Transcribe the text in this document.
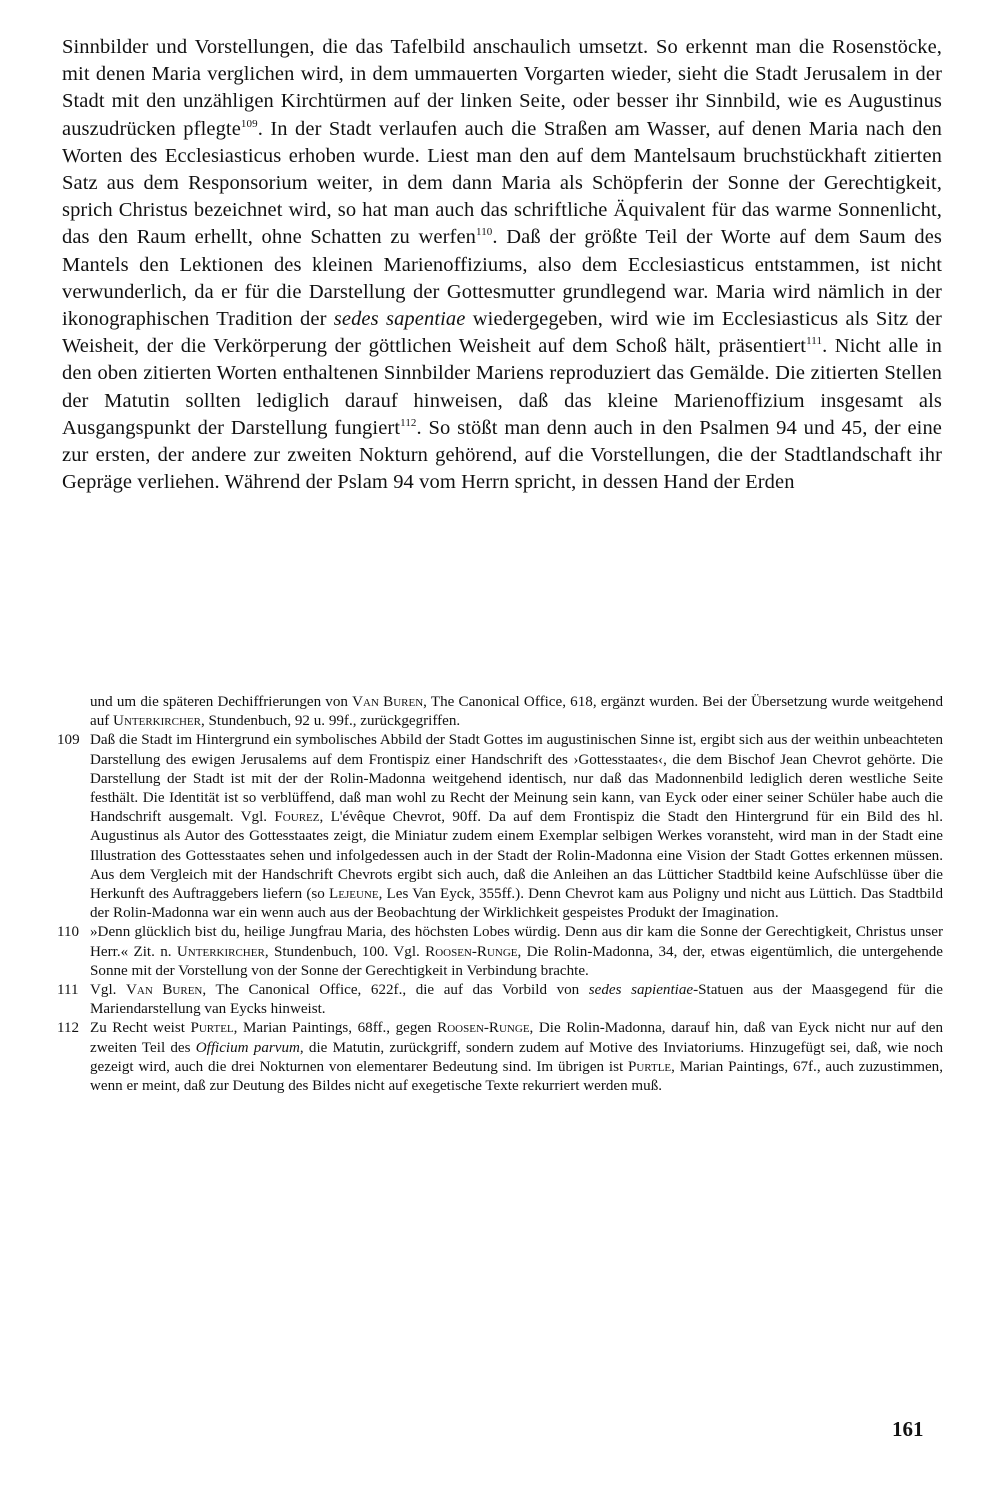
Sinnbilder und Vorstellungen, die das Tafelbild anschaulich umsetzt. So erkennt man die Rosenstöcke, mit denen Maria verglichen wird, in dem ummauerten Vorgarten wieder, sieht die Stadt Jerusalem in der Stadt mit den unzähligen Kirchtürmen auf der linken Seite, oder besser ihr Sinnbild, wie es Augustinus auszudrücken pflegte$^{109}$. In der Stadt verlaufen auch die Straßen am Wasser, auf denen Maria nach den Worten des Ecclesiasticus erhoben wurde. Liest man den auf dem Mantelsaum bruchstückhaft zitierten Satz aus dem Responsorium weiter, in dem dann Maria als Schöpferin der Sonne der Gerechtigkeit, sprich Christus bezeichnet wird, so hat man auch das schriftliche Äquivalent für das warme Sonnenlicht, das den Raum erhellt, ohne Schatten zu werfen$^{110}$. Daß der größte Teil der Worte auf dem Saum des Mantels den Lektionen des kleinen Marienoffiziums, also dem Ecclesiasticus entstammen, ist nicht verwunderlich, da er für die Darstellung der Gottesmutter grundlegend war. Maria wird nämlich in der ikonographischen Tradition der sedes sapentiae wiedergegeben, wird wie im Ecclesiasticus als Sitz der Weisheit, der die Verkörperung der göttlichen Weisheit auf dem Schoß hält, präsentiert$^{111}$. Nicht alle in den oben zitierten Worten enthaltenen Sinnbilder Mariens reproduziert das Gemälde. Die zitierten Stellen der Matutin sollten lediglich darauf hinweisen, daß das kleine Marienoffizium insgesamt als Ausgangspunkt der Darstellung fungiert$^{112}$. So stößt man denn auch in den Psalmen 94 und 45, der eine zur ersten, der andere zur zweiten Nokturn gehörend, auf die Vorstellungen, die der Stadtlandschaft ihr Gepräge verliehen. Während der Pslam 94 vom Herrn spricht, in dessen Hand der Erden

und um die späteren Dechiffrierungen von Van Buren, The Canonical Office, 618, ergänzt wurden. Bei der Übersetzung wurde weitgehend auf Unterkircher, Stundenbuch, 92 u. 99f., zurückgegriffen.

109 Daß die Stadt im Hintergrund ein symbolisches Abbild der Stadt Gottes im augustinischen Sinne ist, ergibt sich aus der weithin unbeachteten Darstellung des ewigen Jerusalems auf dem Frontispiz einer Handschrift des ›Gottesstaates‹, die dem Bischof Jean Chevrot gehörte. Die Darstellung der Stadt ist mit der der Rolin-Madonna weitgehend identisch, nur daß das Madonnenbild lediglich deren westliche Seite festhält. Die Identität ist so verblüffend, daß man wohl zu Recht der Meinung sein kann, van Eyck oder einer seiner Schüler habe auch die Handschrift ausgemalt. Vgl. Fourez, L'évêque Chevrot, 90ff. Da auf dem Frontispiz die Stadt den Hintergrund für ein Bild des hl. Augustinus als Autor des Gottesstaates zeigt, die Miniatur zudem einem Exemplar selbigen Werkes voransteht, wird man in der Stadt eine Illustration des Gottesstaates sehen und infolgedessen auch in der Stadt der Rolin-Madonna eine Vision der Stadt Gottes erkennen müssen. Aus dem Vergleich mit der Handschrift Chevrots ergibt sich auch, daß die Anleihen an das Lütticher Stadtbild keine Aufschlüsse über die Herkunft des Auftraggebers liefern (so Lejeune, Les Van Eyck, 355ff.). Denn Chevrot kam aus Poligny und nicht aus Lüttich. Das Stadtbild der Rolin-Madonna war ein wenn auch aus der Beobachtung der Wirklichkeit gespeistes Produkt der Imagination.

110 »Denn glücklich bist du, heilige Jungfrau Maria, des höchsten Lobes würdig. Denn aus dir kam die Sonne der Gerechtigkeit, Christus unser Herr.« Zit. n. Unterkircher, Stundenbuch, 100. Vgl. Roosen-Runge, Die Rolin-Madonna, 34, der, etwas eigentümlich, die untergehende Sonne mit der Vorstellung von der Sonne der Gerechtigkeit in Verbindung brachte.

111 Vgl. Van Buren, The Canonical Office, 622f., die auf das Vorbild von sedes sapientiae-Statuen aus der Maasgegend für die Mariendarstellung van Eycks hinweist.

112 Zu Recht weist Purtel, Marian Paintings, 68ff., gegen Roosen-Runge, Die Rolin-Madonna, darauf hin, daß van Eyck nicht nur auf den zweiten Teil des Officium parvum, die Matutin, zurückgriff, sondern zudem auf Motive des Inviatoriums. Hinzugefügt sei, daß, wie noch gezeigt wird, auch die drei Nokturnen von elementarer Bedeutung sind. Im übrigen ist Purtle, Marian Paintings, 67f., auch zuzustimmen, wenn er meint, daß zur Deutung des Bildes nicht auf exegetische Texte rekurriert werden muß.

161
